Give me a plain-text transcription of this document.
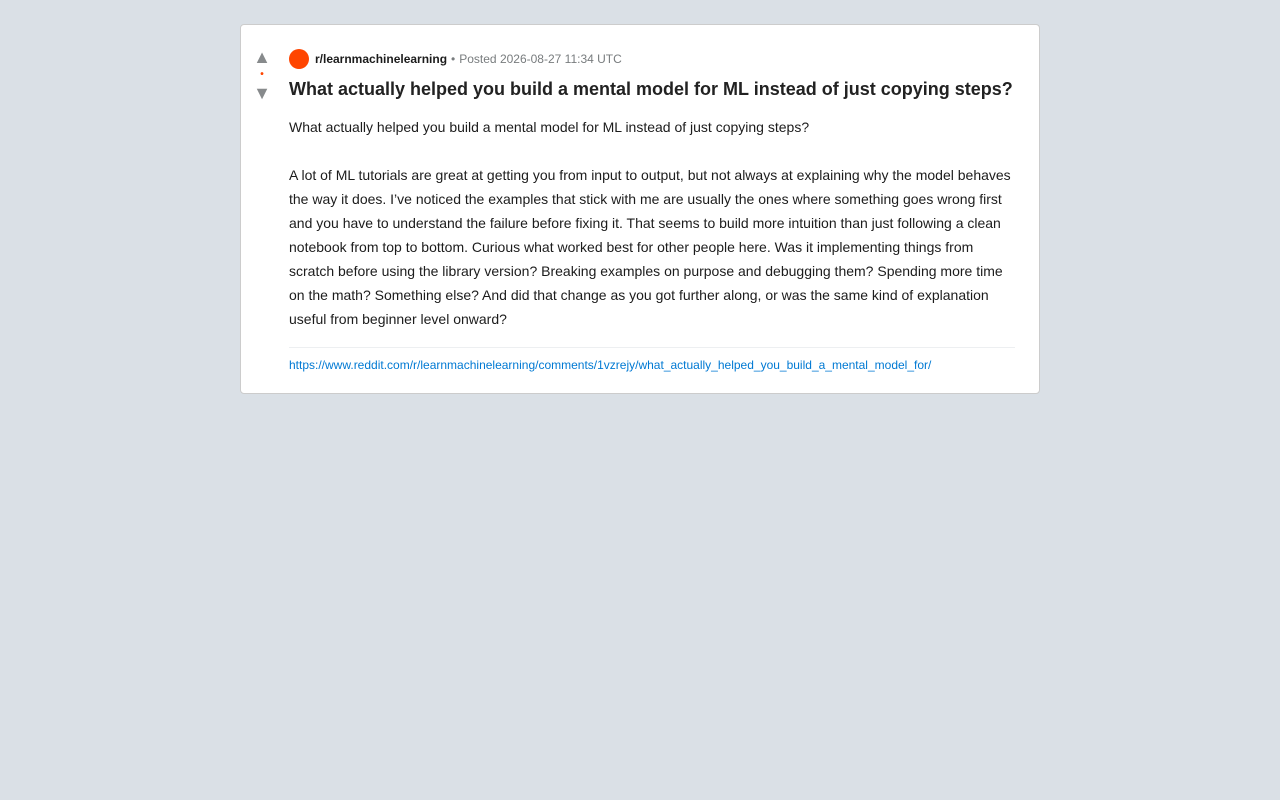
▲
•
▼
r/learnmachinelearning • Posted 2026-08-27 11:34 UTC
What actually helped you build a mental model for ML instead of just copying steps?

What actually helped you build a mental model for ML instead of just copying steps?

A lot of ML tutorials are great at getting you from input to output, but not always at explaining why the model behaves the way it does. I’ve noticed the examples that stick with me are usually the ones where something goes wrong first and you have to understand the failure before fixing it. That seems to build more intuition than just following a clean notebook from top to bottom. Curious what worked best for other people here. Was it implementing things from scratch before using the library version? Breaking examples on purpose and debugging them? Spending more time on the math? Something else? And did that change as you got further along, or was the same kind of explanation useful from beginner level onward?

https://www.reddit.com/r/learnmachinelearning/comments/1vzrejy/what_actually_helped_you_build_a_mental_model_for/
